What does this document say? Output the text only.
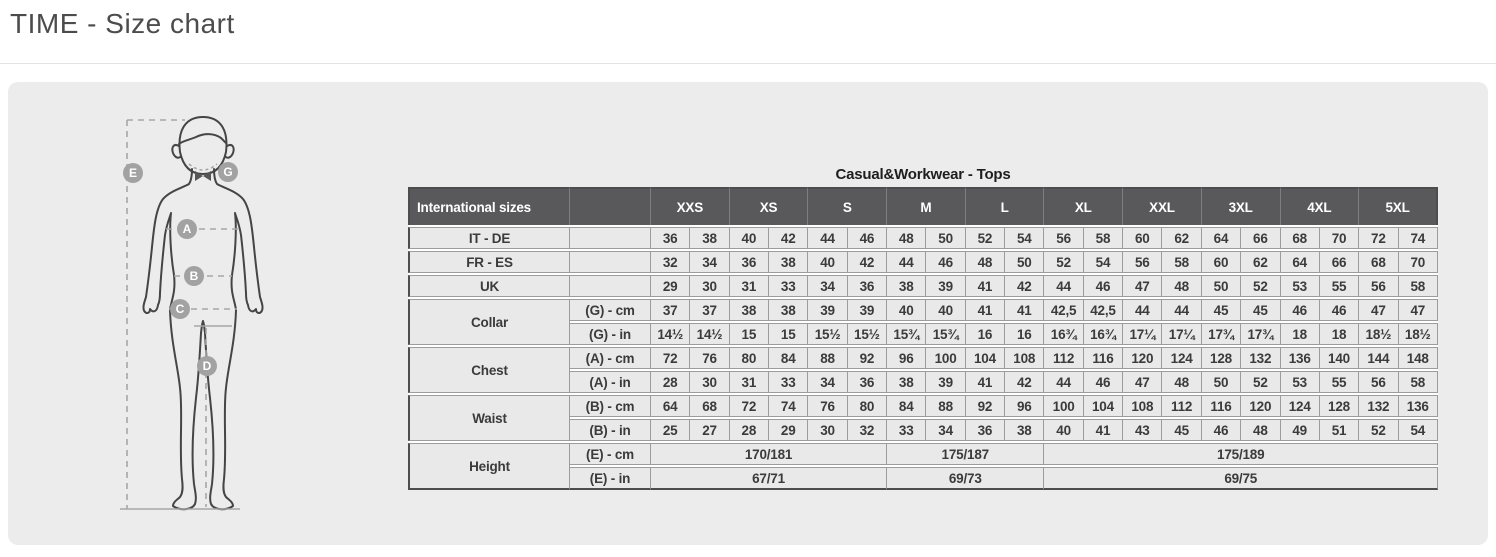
TIME - Size chart
E	G
A
B
C
D
Casual&Workwear - Tops
International sizes		XXS		XS		S		M		L		XL		XXL		3XL		4XL		5XL	
IT - DE		36	38	40	42	44	46	48	50	52	54	56	58	60	62	64	66	68	70	72	74
FR - ES		32	34	36	38	40	42	44	46	48	50	52	54	56	58	60	62	64	66	68	70
UK		29	30	31	33	34	36	38	39	41	42	44	46	47	48	50	52	53	55	56	58
Collar	(G) - cm	37	37	38	38	39	39	40	40	41	41	42,5	42,5	44	44	45	45	46	46	47	47
	(G) - in	14½	14½	15	15	15½	15½	15¾	15¾	16	16	16¾	16¾	17¼	17¼	17¾	17¾	18	18	18½	18½
Chest	(A) - cm	72	76	80	84	88	92	96	100	104	108	112	116	120	124	128	132	136	140	144	148
	(A) - in	28	30	31	33	34	36	38	39	41	42	44	46	47	48	50	52	53	55	56	58
Waist	(B) - cm	64	68	72	74	76	80	84	88	92	96	100	104	108	112	116	120	124	128	132	136
	(B) - in	25	27	28	29	30	32	33	34	36	38	40	41	43	45	46	48	49	51	52	54
Height	(E) - cm	170/181						175/187				175/189									
	(E) - in	67/71						69/73				69/75									
